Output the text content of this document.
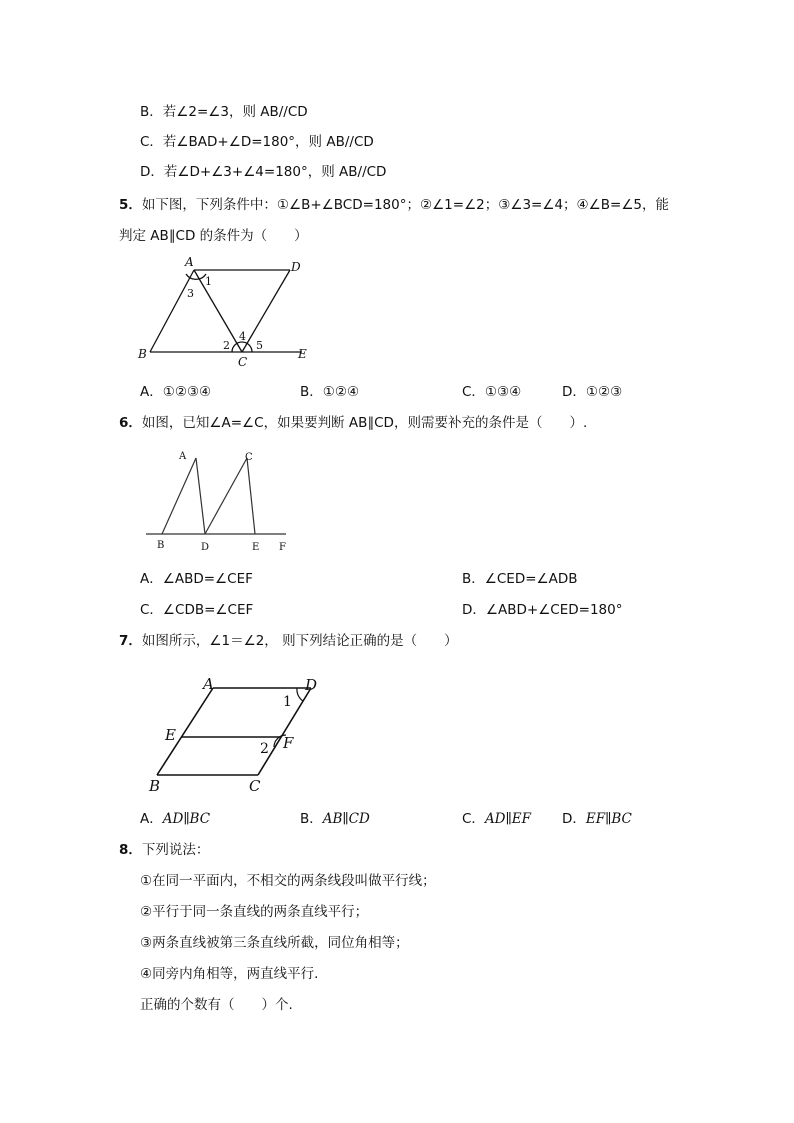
B．若∠2=∠3，则 AB//CD
C．若∠BAD+∠D=180°，则 AB//CD
D．若∠D+∠3+∠4=180°，则 AB//CD
5．如下图，下列条件中：①∠B+∠BCD=180°；②∠1=∠2；③∠3=∠4；④∠B=∠5，能
判定 AB∥CD 的条件为（　　）
A	D
B
C
E
1
3
2
4
5
A．①②③④	B．①②④	C．①③④	D．①②③
6．如图，已知∠A=∠C，如果要判断 AB∥CD，则需要补充的条件是（　　）.
A	C
B	D	E F
A．∠ABD=∠CEF	B．∠CED=∠ADB
C．∠CDB=∠CEF	D．∠ABD+∠CED=180°
7．如图所示，∠1＝∠2， 则下列结论正确的是（　　）
A	D
E	F
B	C
1
2
A．AD∥BC	B．AB∥CD	C．AD∥EF D．EF∥BC
8．下列说法：
①在同一平面内，不相交的两条线段叫做平行线；
②平行于同一条直线的两条直线平行；
③两条直线被第三条直线所截，同位角相等；
④同旁内角相等，两直线平行.
正确的个数有（　　）个.
